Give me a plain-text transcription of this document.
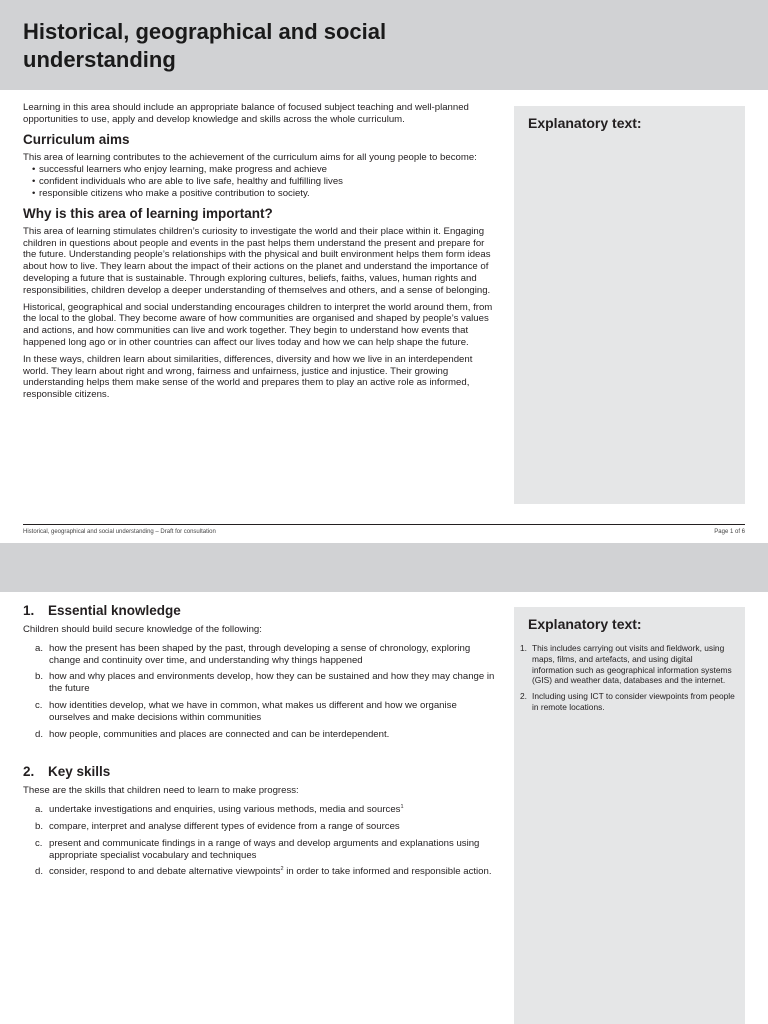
Historical, geographical and social understanding

Learning in this area should include an appropriate balance of focused subject teaching and well-planned opportunities to use, apply and develop knowledge and skills across the whole curriculum.

Curriculum aims

This area of learning contributes to the achievement of the curriculum aims for all young people to become:

• successful learners who enjoy learning, make progress and achieve
• confident individuals who are able to live safe, healthy and fulfilling lives
• responsible citizens who make a positive contribution to society.
Why is this area of learning important?

This area of learning stimulates children’s curiosity to investigate the world and their place within it. Engaging children in questions about people and events in the past helps them understand the present and prepare for the future. Understanding people’s relationships with the physical and built environment helps them form ideas about how to live. They learn about the impact of their actions on the planet and understand the importance of developing a future that is sustainable. Through exploring cultures, beliefs, faiths, values, human rights and responsibilities, children develop a deeper understanding of themselves and others, and a sense of belonging.

Historical, geographical and social understanding encourages children to interpret the world around them, from the local to the global. They become aware of how communities are organised and shaped by people’s values and actions, and how communities can live and work together. They begin to understand how events that happened long ago or in other countries can affect our lives today and how we can help shape the future.

In these ways, children learn about similarities, differences, diversity and how we live in an interdependent world. They learn about right and wrong, fairness and unfairness, justice and injustice. Their growing understanding helps them make sense of the world and prepares them to play an active role as informed, responsible citizens.

Explanatory text:
Historical, geographical and social understanding – Draft for consultation	Page 1 of 6
1. Essential knowledge

Children should build secure knowledge of the following:

a. how the present has been shaped by the past, through developing a sense of chronology, exploring change and continuity over time, and understanding why things happened
b. how and why places and environments develop, how they can be sustained and how they may change in the future
c. how identities develop, what we have in common, what makes us different and how we organise ourselves and make decisions within communities
d. how people, communities and places are connected and can be interdependent.
2. Key skills

These are the skills that children need to learn to make progress:

a. undertake investigations and enquiries, using various methods, media and sources$^1$
b. compare, interpret and analyse different types of evidence from a range of sources
c. present and communicate findings in a range of ways and develop arguments and explanations using appropriate specialist vocabulary and techniques
d. consider, respond to and debate alternative viewpoints$^2$ in order to take informed and responsible action.
Explanatory text:
1. This includes carrying out visits and fieldwork, using maps, films, and artefacts, and using digital information such as geographical information systems (GIS) and weather data, databases and the internet.
2. Including using ICT to consider viewpoints from people in remote locations.
